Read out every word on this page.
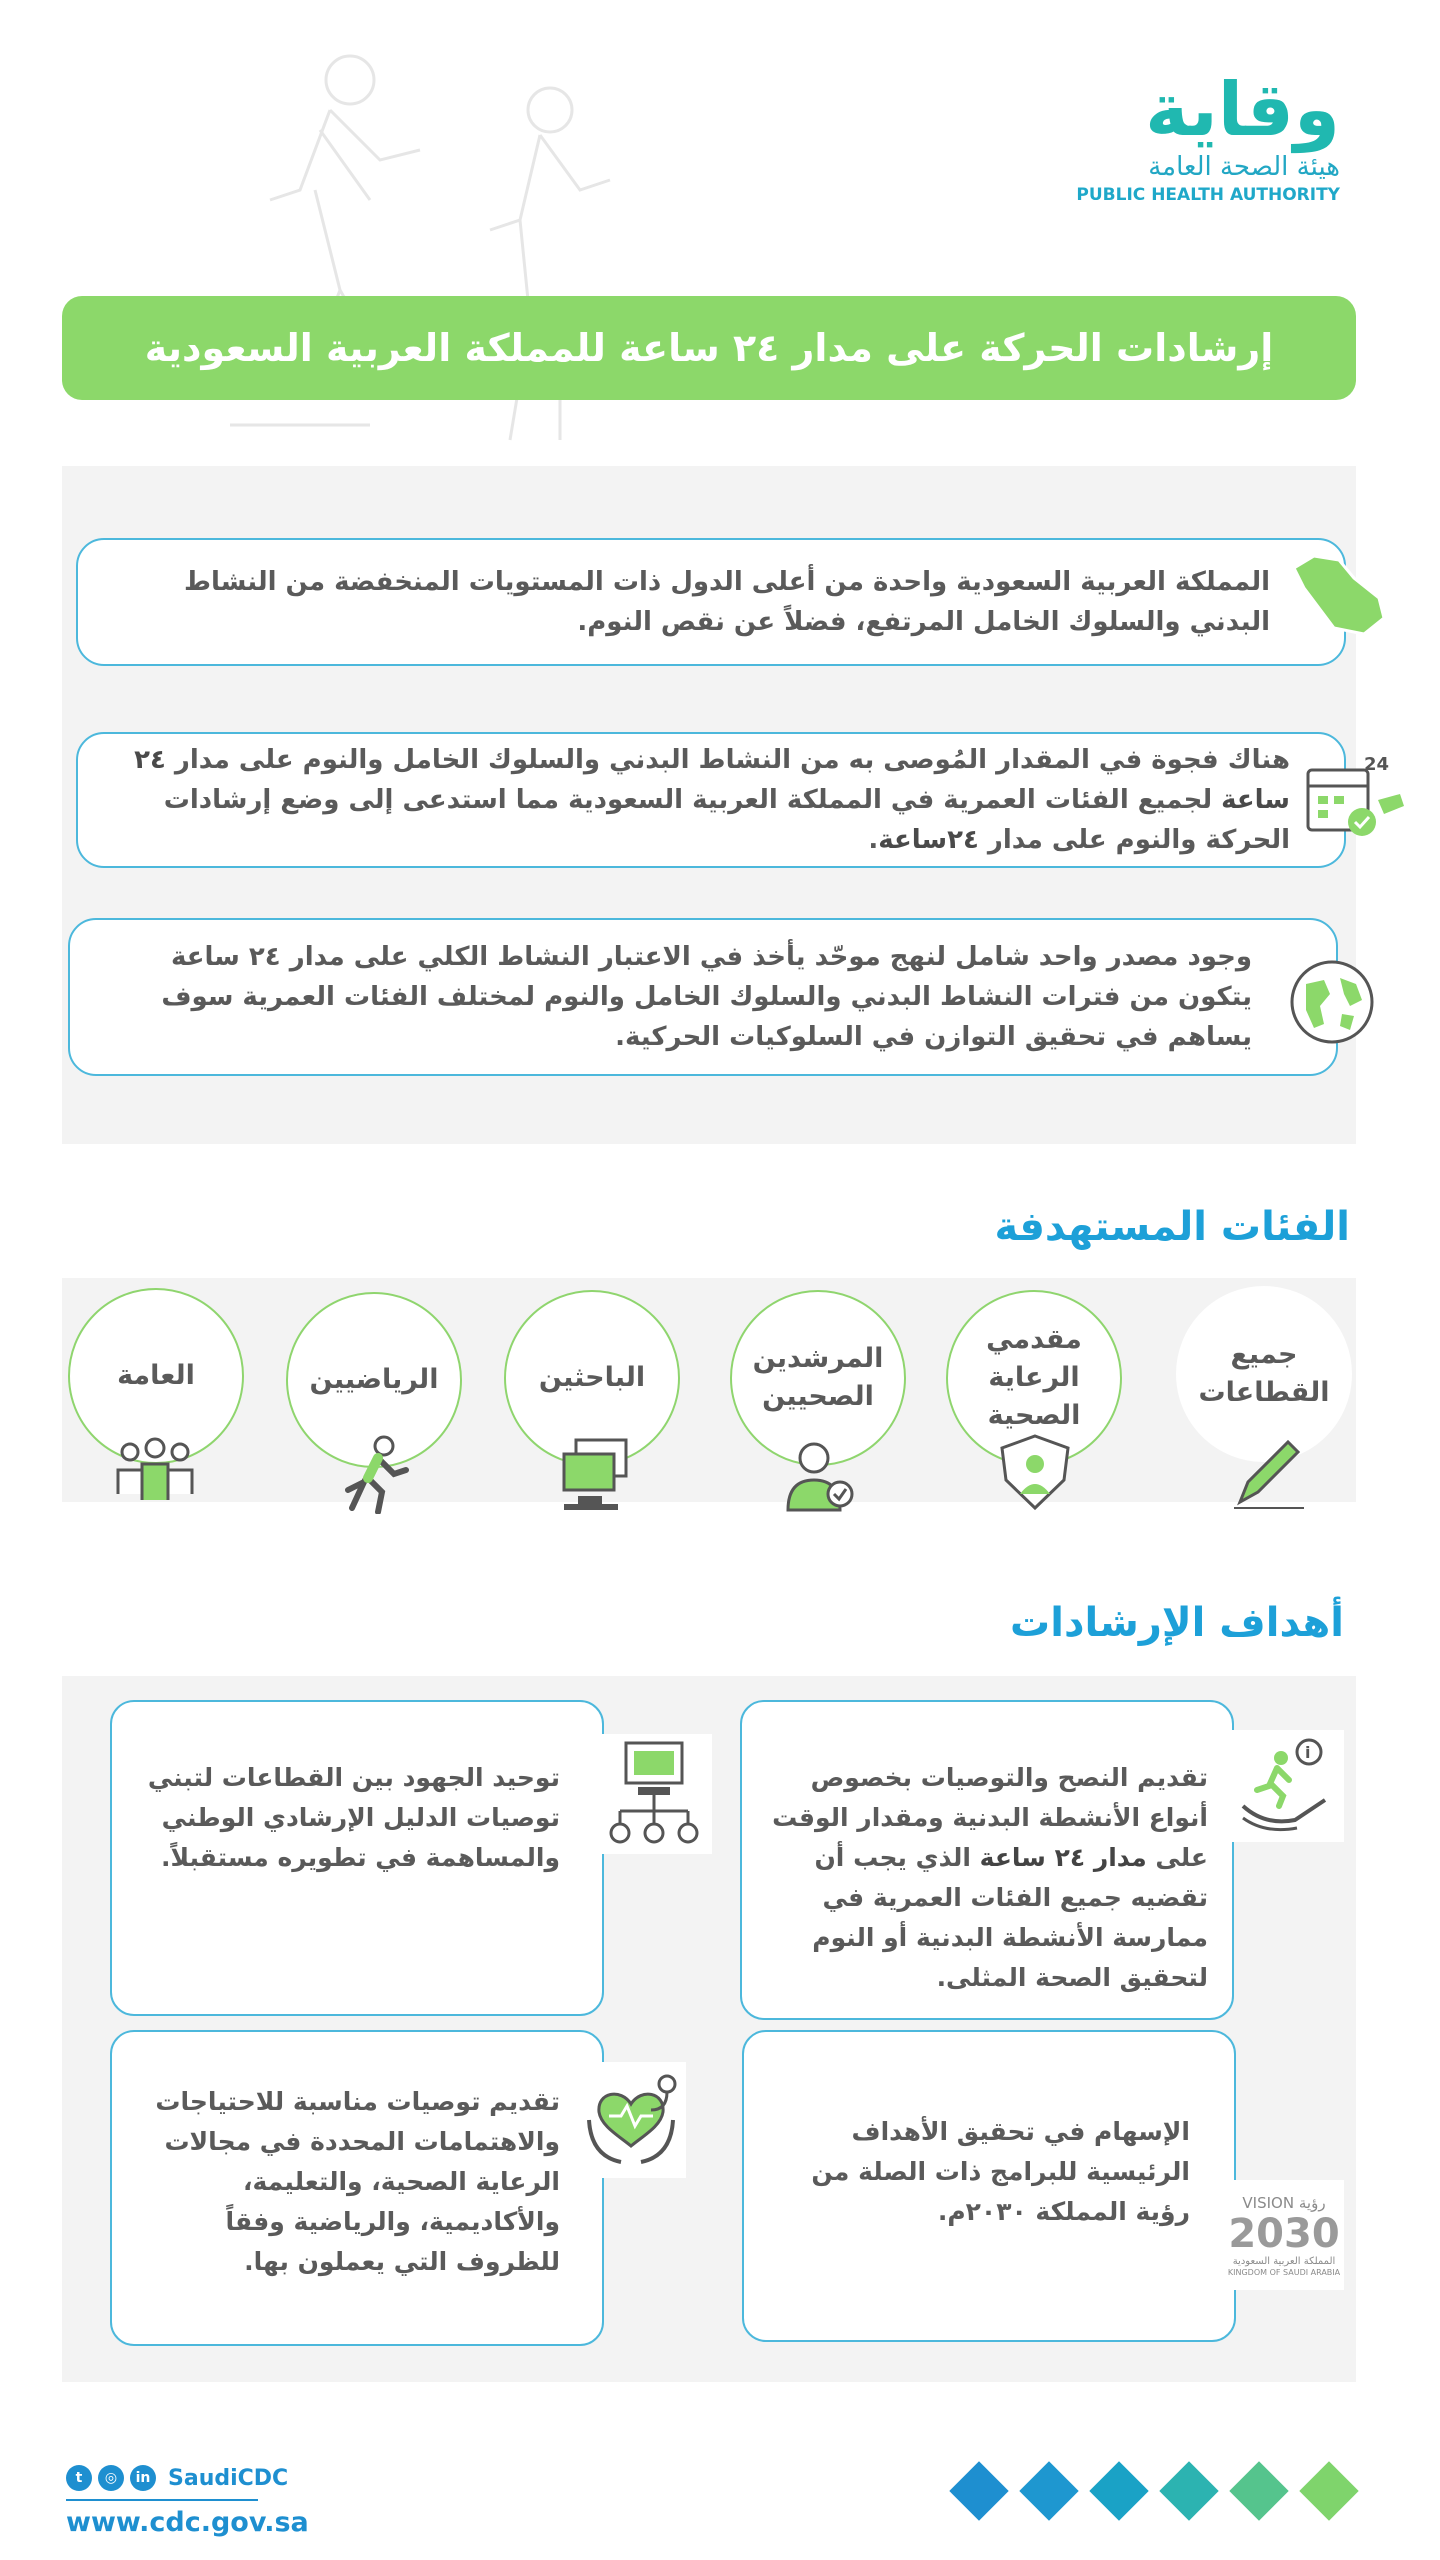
وقاية
هيئة الصحة العامة
PUBLIC HEALTH AUTHORITY
إرشادات الحركة على مدار ٢٤ ساعة للمملكة العربية السعودية
المملكة العربية السعودية واحدة من أعلى الدول ذات المستويات المنخفضة من النشاط البدني والسلوك الخامل المرتفع، فضلاً عن نقص النوم.
هناك فجوة في المقدار المُوصى به من النشاط البدني والسلوك الخامل والنوم على مدار ٢٤ ساعة لجميع الفئات العمرية في المملكة العربية السعودية مما استدعى إلى وضع إرشادات الحركة والنوم على مدار ٢٤ساعة.
24
وجود مصدر واحد شامل لنهج موحّد يأخذ في الاعتبار النشاط الكلي على مدار ٢٤ ساعة يتكون من فترات النشاط البدني والسلوك الخامل والنوم لمختلف الفئات العمرية سوف يساهم في تحقيق التوازن في السلوكيات الحركية.
الفئات المستهدفة
جميع القطاعات
مقدمي الرعاية الصحية
المرشدين الصحيين
الباحثين
الرياضيين
العامة
أهداف الإرشادات
تقديم النصح والتوصيات بخصوص أنواع الأنشطة البدنية ومقدار الوقت على مدار ٢٤ ساعة الذي يجب أن تقضيه جميع الفئات العمرية في ممارسة الأنشطة البدنية أو النوم لتحقيق الصحة المثلى.
i
توحيد الجهود بين القطاعات لتبني توصيات الدليل الإرشادي الوطني والمساهمة في تطويره مستقبلاً.
الإسهام في تحقيق الأهداف الرئيسية للبرامج ذات الصلة من رؤية المملكة ٢٠٣٠م.	VISION رؤية
2030
المملكة العربية السعودية
KINGDOM OF SAUDI ARABIA
تقديم توصيات مناسبة للاحتياجات والاهتمامات المحددة في مجالات الرعاية الصحية، والتعليمة، والأكاديمية، والرياضية وفقاً للظروف التي يعملون بها.
t	◎	in SaudiCDC
www.cdc.gov.sa
